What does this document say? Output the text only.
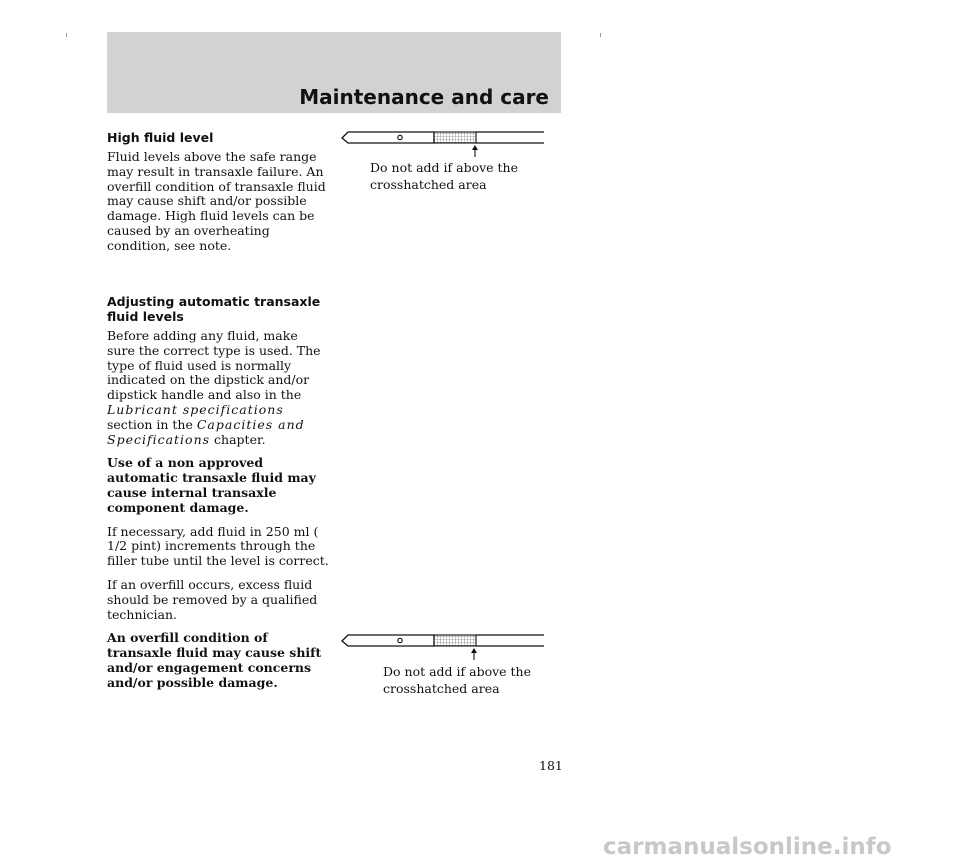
Maintenance and care

High fluid level

Fluid levels above the safe range may result in transaxle failure. An overfill condition of transaxle fluid may cause shift and/or possible damage. High fluid levels can be caused by an overheating condition, see note.

Adjusting automatic transaxle fluid levels

Before adding any fluid, make sure the correct type is used. The type of fluid used is normally indicated on the dipstick and/or dipstick handle and also in the Lubricant specifications section in the Capacities and Specifications chapter.

Use of a non approved automatic transaxle fluid may cause internal transaxle component damage.

If necessary, add fluid in 250 ml ( 1/2 pint) increments through the filler tube until the level is correct.

If an overfill occurs, excess fluid should be removed by a qualified technician.

An overfill condition of transaxle fluid may cause shift and/or engagement concerns and/or possible damage.

Do not add if above the
crosshatched area
Do not add if above the
crosshatched area
181
carmanualsonline.info
